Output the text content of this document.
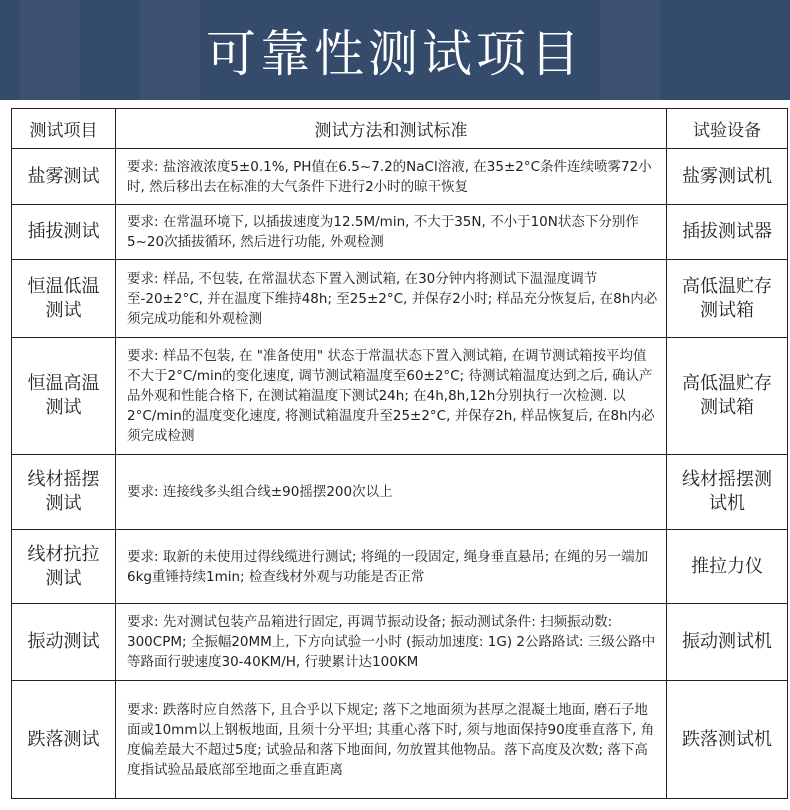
可靠性测试项目
测试项目	测试方法和测试标准	试验设备
盐雾测试	要求: 盐溶液浓度5±0.1%, PH值在6.5~7.2的NaCl溶液, 在35±2°C条件连续喷雾72小时, 然后移出去在标准的大气条件下进行2小时的晾干恢复	盐雾测试机
插拔测试	要求: 在常温环境下, 以插拔速度为12.5M/min, 不大于35N, 不小于10N状态下分别作5~20次插拔循环, 然后进行功能, 外观检测	插拔测试器
恒温低温测试	要求: 样品, 不包装, 在常温状态下置入测试箱, 在30分钟内将测试下温湿度调节至-20±2°C, 并在温度下维持48h; 至25±2°C, 并保存2小时; 样品充分恢复后, 在8h内必须完成功能和外观检测	高低温贮存测试箱
恒温高温测试	要求: 样品不包装, 在 "准备使用" 状态于常温状态下置入测试箱, 在调节测试箱按平均值不大于2°C/min的变化速度, 调节测试箱温度至60±2°C; 待测试箱温度达到之后, 确认产品外观和性能合格下, 在测试箱温度下测试24h; 在4h,8h,12h分别执行一次检测. 以2°C/min的温度变化速度, 将测试箱温度升至25±2°C, 并保存2h, 样品恢复后, 在8h内必须完成检测	高低温贮存测试箱
线材摇摆测试	要求: 连接线多头组合线±90摇摆200次以上	线材摇摆测试机
线材抗拉测试	要求: 取新的未使用过得线缆进行测试; 将绳的一段固定, 绳身垂直悬吊; 在绳的另一端加6kg重锤持续1min; 检查线材外观与功能是否正常	推拉力仪
振动测试	要求: 先对测试包装产品箱进行固定, 再调节振动设备; 振动测试条件: 扫频振动数: 300CPM; 全振幅20MM上, 下方向试验一小时 (振动加速度: 1G) 2公路路试: 三级公路中等路面行驶速度30-40KM/H, 行驶累计达100KM	振动测试机
跌落测试	要求: 跌落时应自然落下, 且合乎以下规定; 落下之地面须为甚厚之混凝土地面, 磨石子地面或10mm以上钢板地面, 且须十分平坦; 其重心落下时, 须与地面保持90度垂直落下, 角度偏差最大不超过5度; 试验品和落下地面间, 勿放置其他物品。落下高度及次数; 落下高度指试验品最底部至地面之垂直距离	跌落测试机
